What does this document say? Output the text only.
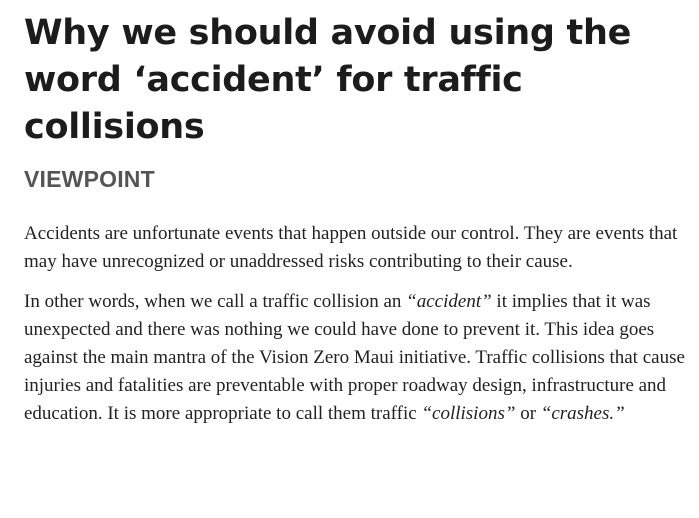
Why we should avoid using the word ‘accident’ for traffic collisions
VIEWPOINT

Accidents are unfortunate events that happen outside our control. They are events that may have unrecognized or unaddressed risks contributing to their cause.

In other words, when we call a traffic collision an “accident” it implies that it was unexpected and there was nothing we could have done to prevent it. This idea goes against the main mantra of the Vision Zero Maui initiative. Traffic collisions that cause injuries and fatalities are preventable with proper roadway design, infrastructure and education. It is more appropriate to call them traffic “collisions” or “crashes.”
